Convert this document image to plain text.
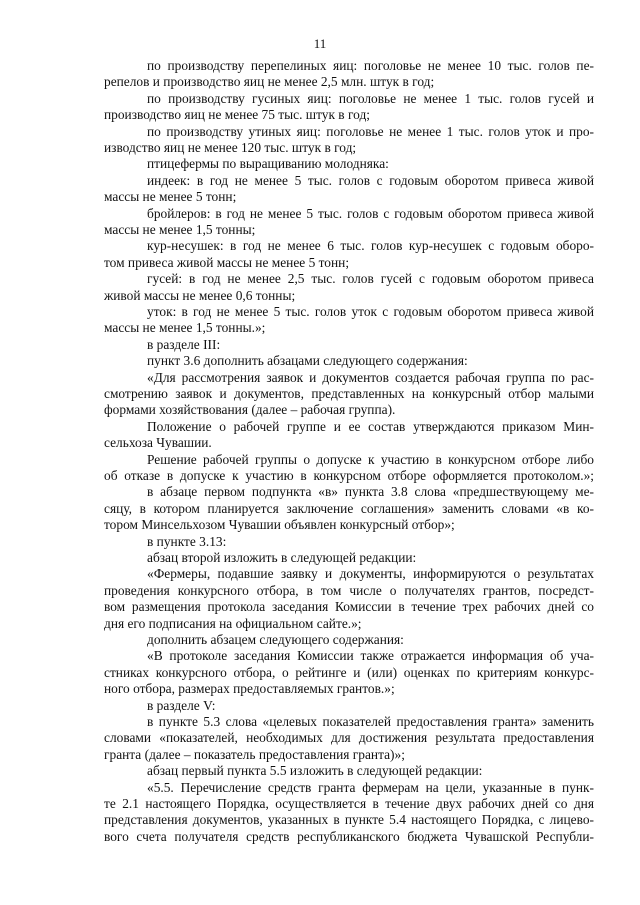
11
по производству перепелиных яиц: поголовье не менее 10 тыс. голов пе-
репелов и производство яиц не менее 2,5 млн. штук в год;
по производству гусиных яиц: поголовье не менее 1 тыс. голов гусей и
производство яиц не менее 75 тыс. штук в год;
по производству утиных яиц: поголовье не менее 1 тыс. голов уток и про-
изводство яиц не менее 120 тыс. штук в год;
птицефермы по выращиванию молодняка:
индеек: в год не менее 5 тыс. голов с годовым оборотом привеса живой
массы не менее 5 тонн;
бройлеров: в год не менее 5 тыс. голов с годовым оборотом привеса живой
массы не менее 1,5 тонны;
кур-несушек: в год не менее 6 тыс. голов кур-несушек с годовым оборо-
том привеса живой массы не менее 5 тонн;
гусей: в год не менее 2,5 тыс. голов гусей с годовым оборотом привеса
живой массы не менее 0,6 тонны;
уток: в год не менее 5 тыс. голов уток с годовым оборотом привеса живой
массы не менее 1,5 тонны.»;
в разделе III:
пункт 3.6 дополнить абзацами следующего содержания:
«Для рассмотрения заявок и документов создается рабочая группа по рас-
смотрению заявок и документов, представленных на конкурсный отбор малыми
формами хозяйствования (далее – рабочая группа).
Положение о рабочей группе и ее состав утверждаются приказом Мин-
сельхоза Чувашии.
Решение рабочей группы о допуске к участию в конкурсном отборе либо
об отказе в допуске к участию в конкурсном отборе оформляется протоколом.»;
в абзаце первом подпункта «в» пункта 3.8 слова «предшествующему ме-
сяцу, в котором планируется заключение соглашения» заменить словами «в ко-
тором Минсельхозом Чувашии объявлен конкурсный отбор»;
в пункте 3.13:
абзац второй изложить в следующей редакции:
«Фермеры, подавшие заявку и документы, информируются о результатах
проведения конкурсного отбора, в том числе о получателях грантов, посредст-
вом размещения протокола заседания Комиссии в течение трех рабочих дней со
дня его подписания на официальном сайте.»;
дополнить абзацем следующего содержания:
«В протоколе заседания Комиссии также отражается информация об уча-
стниках конкурсного отбора, о рейтинге и (или) оценках по критериям конкурс-
ного отбора, размерах предоставляемых грантов.»;
в разделе V:
в пункте 5.3 слова «целевых показателей предоставления гранта» заменить
словами «показателей, необходимых для достижения результата предоставления
гранта (далее – показатель предоставления гранта)»;
абзац первый пункта 5.5 изложить в следующей редакции:
«5.5. Перечисление средств гранта фермерам на цели, указанные в пунк-
те 2.1 настоящего Порядка, осуществляется в течение двух рабочих дней со дня
представления документов, указанных в пункте 5.4 настоящего Порядка, с лицево-
вого счета получателя средств республиканского бюджета Чувашской Республи-
